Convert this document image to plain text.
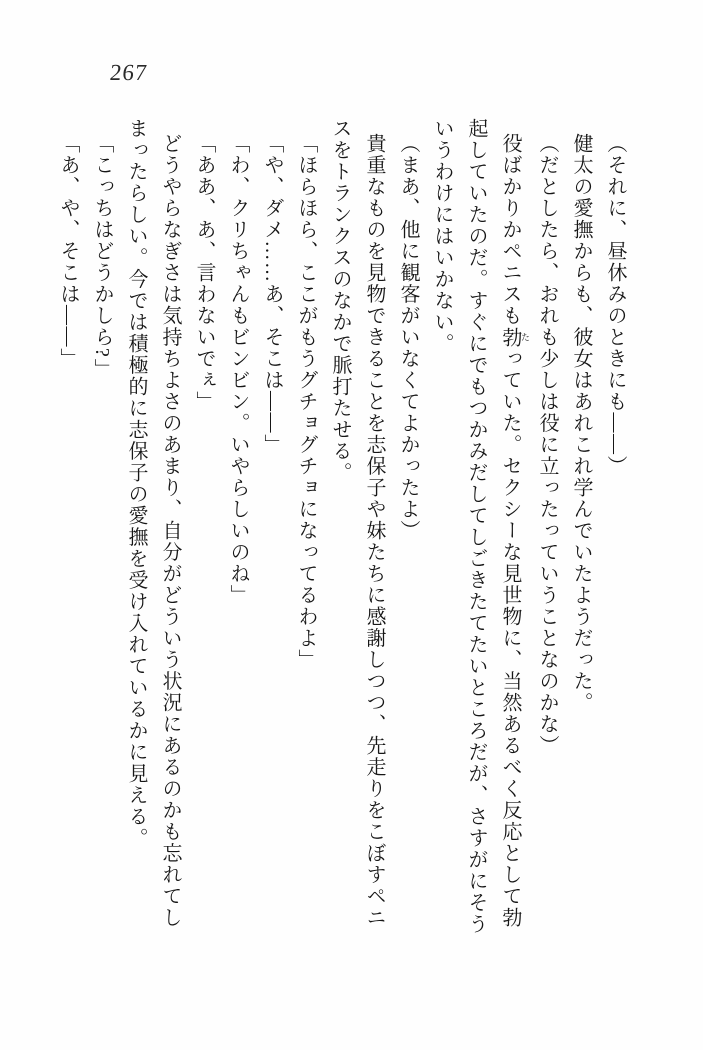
267
（それに、昼休みのときにも――）
健太の愛撫からも、彼女はあれこれ学んでいたようだった。
（だとしたら、おれも少しは役に立ったっていうことなのかな）
役ばかりかペニスも勃 たっていた。セクシーな見世物に、当然あるべく反応として勃
起していたのだ。すぐにでもつかみだしてしごきたてたいところだが、さすがにそう
いうわけにはいかない。
（まあ、他に観客がいなくてよかったよ）
貴重なものを見物できることを志保子や妹たちに感謝しつつ、先走りをこぼすペニ
スをトランクスのなかで脈打たせる。
「ほらほら、ここがもうグチョグチョになってるわよ」
「や、ダメ……あ、そこは――」
「わ、クリちゃんもビンビン。いやらしいのね」
「ああ、あ、言わないでぇ」
どうやらなぎさは気持ちよさのあまり、自分がどういう状況にあるのかも忘れてし
まったらしい。今では積極的に志保子の愛撫を受け入れているかに見える。
「こっちはどうかしら?」
「あ、や、そこは――」
